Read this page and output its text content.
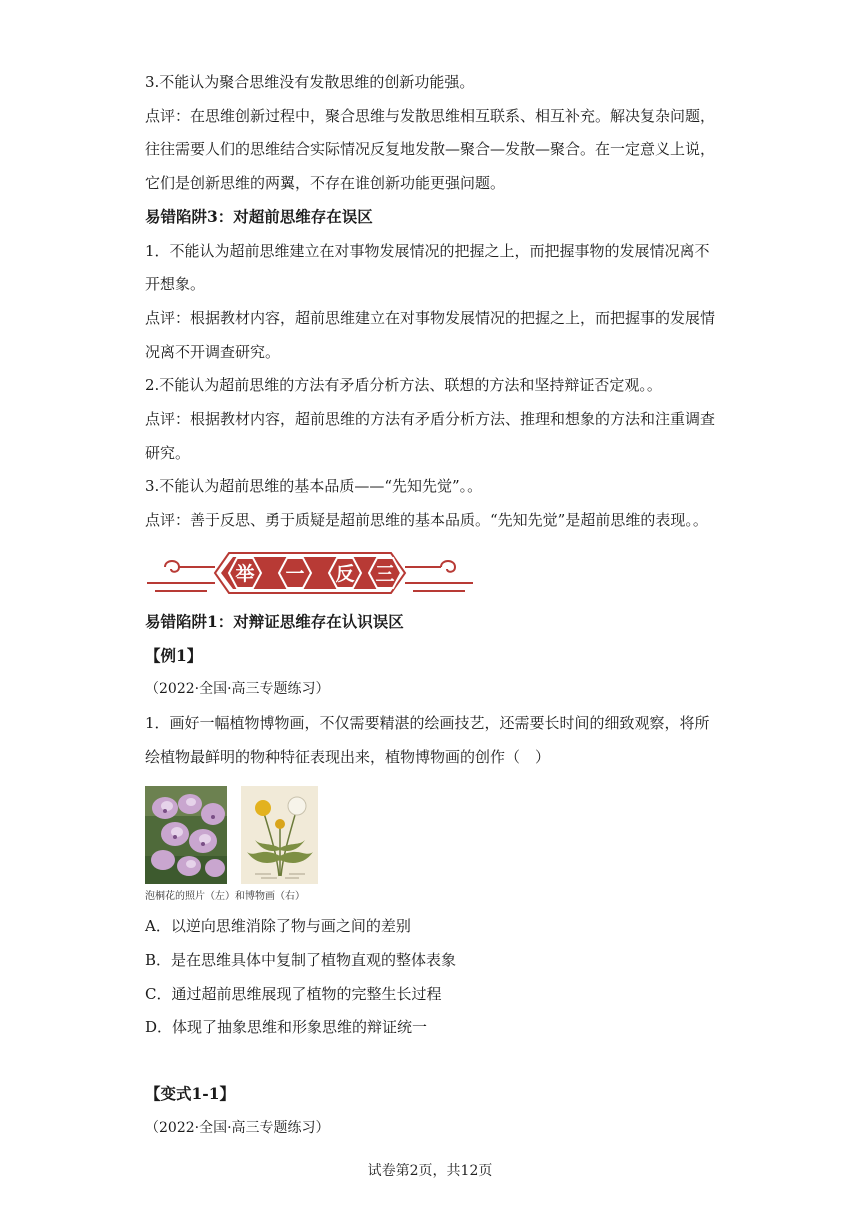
3.不能认为聚合思维没有发散思维的创新功能强。
点评：在思维创新过程中，聚合思维与发散思维相互联系、相互补充。解决复杂问题，
往往需要人们的思维结合实际情况反复地发散—聚合—发散—聚合。在一定意义上说，
它们是创新思维的两翼，不存在谁创新功能更强问题。
易错陷阱3：对超前思维存在误区
1．不能认为超前思维建立在对事物发展情况的把握之上，而把握事物的发展情况离不
开想象。
点评：根据教材内容，超前思维建立在对事物发展情况的把握之上，而把握事的发展情
况离不开调查研究。
2.不能认为超前思维的方法有矛盾分析方法、联想的方法和坚持辩证否定观。。
点评：根据教材内容，超前思维的方法有矛盾分析方法、推理和想象的方法和注重调查
研究。
3.不能认为超前思维的基本品质——“先知先觉”。。
点评：善于反思、勇于质疑是超前思维的基本品质。“先知先觉”是超前思维的表现。。
举 一 反 三
易错陷阱1：对辩证思维存在认识误区
【例1】
（2022·全国·高三专题练习）
1．画好一幅植物博物画，不仅需要精湛的绘画技艺，还需要长时间的细致观察，将所
绘植物最鲜明的物种特征表现出来，植物博物画的创作（　）
泡桐花的照片（左）和博物画（右）
A．以逆向思维消除了物与画之间的差别
B．是在思维具体中复制了植物直观的整体表象
C．通过超前思维展现了植物的完整生长过程
D．体现了抽象思维和形象思维的辩证统一
【变式1-1】
（2022·全国·高三专题练习）
试卷第2页，共12页
